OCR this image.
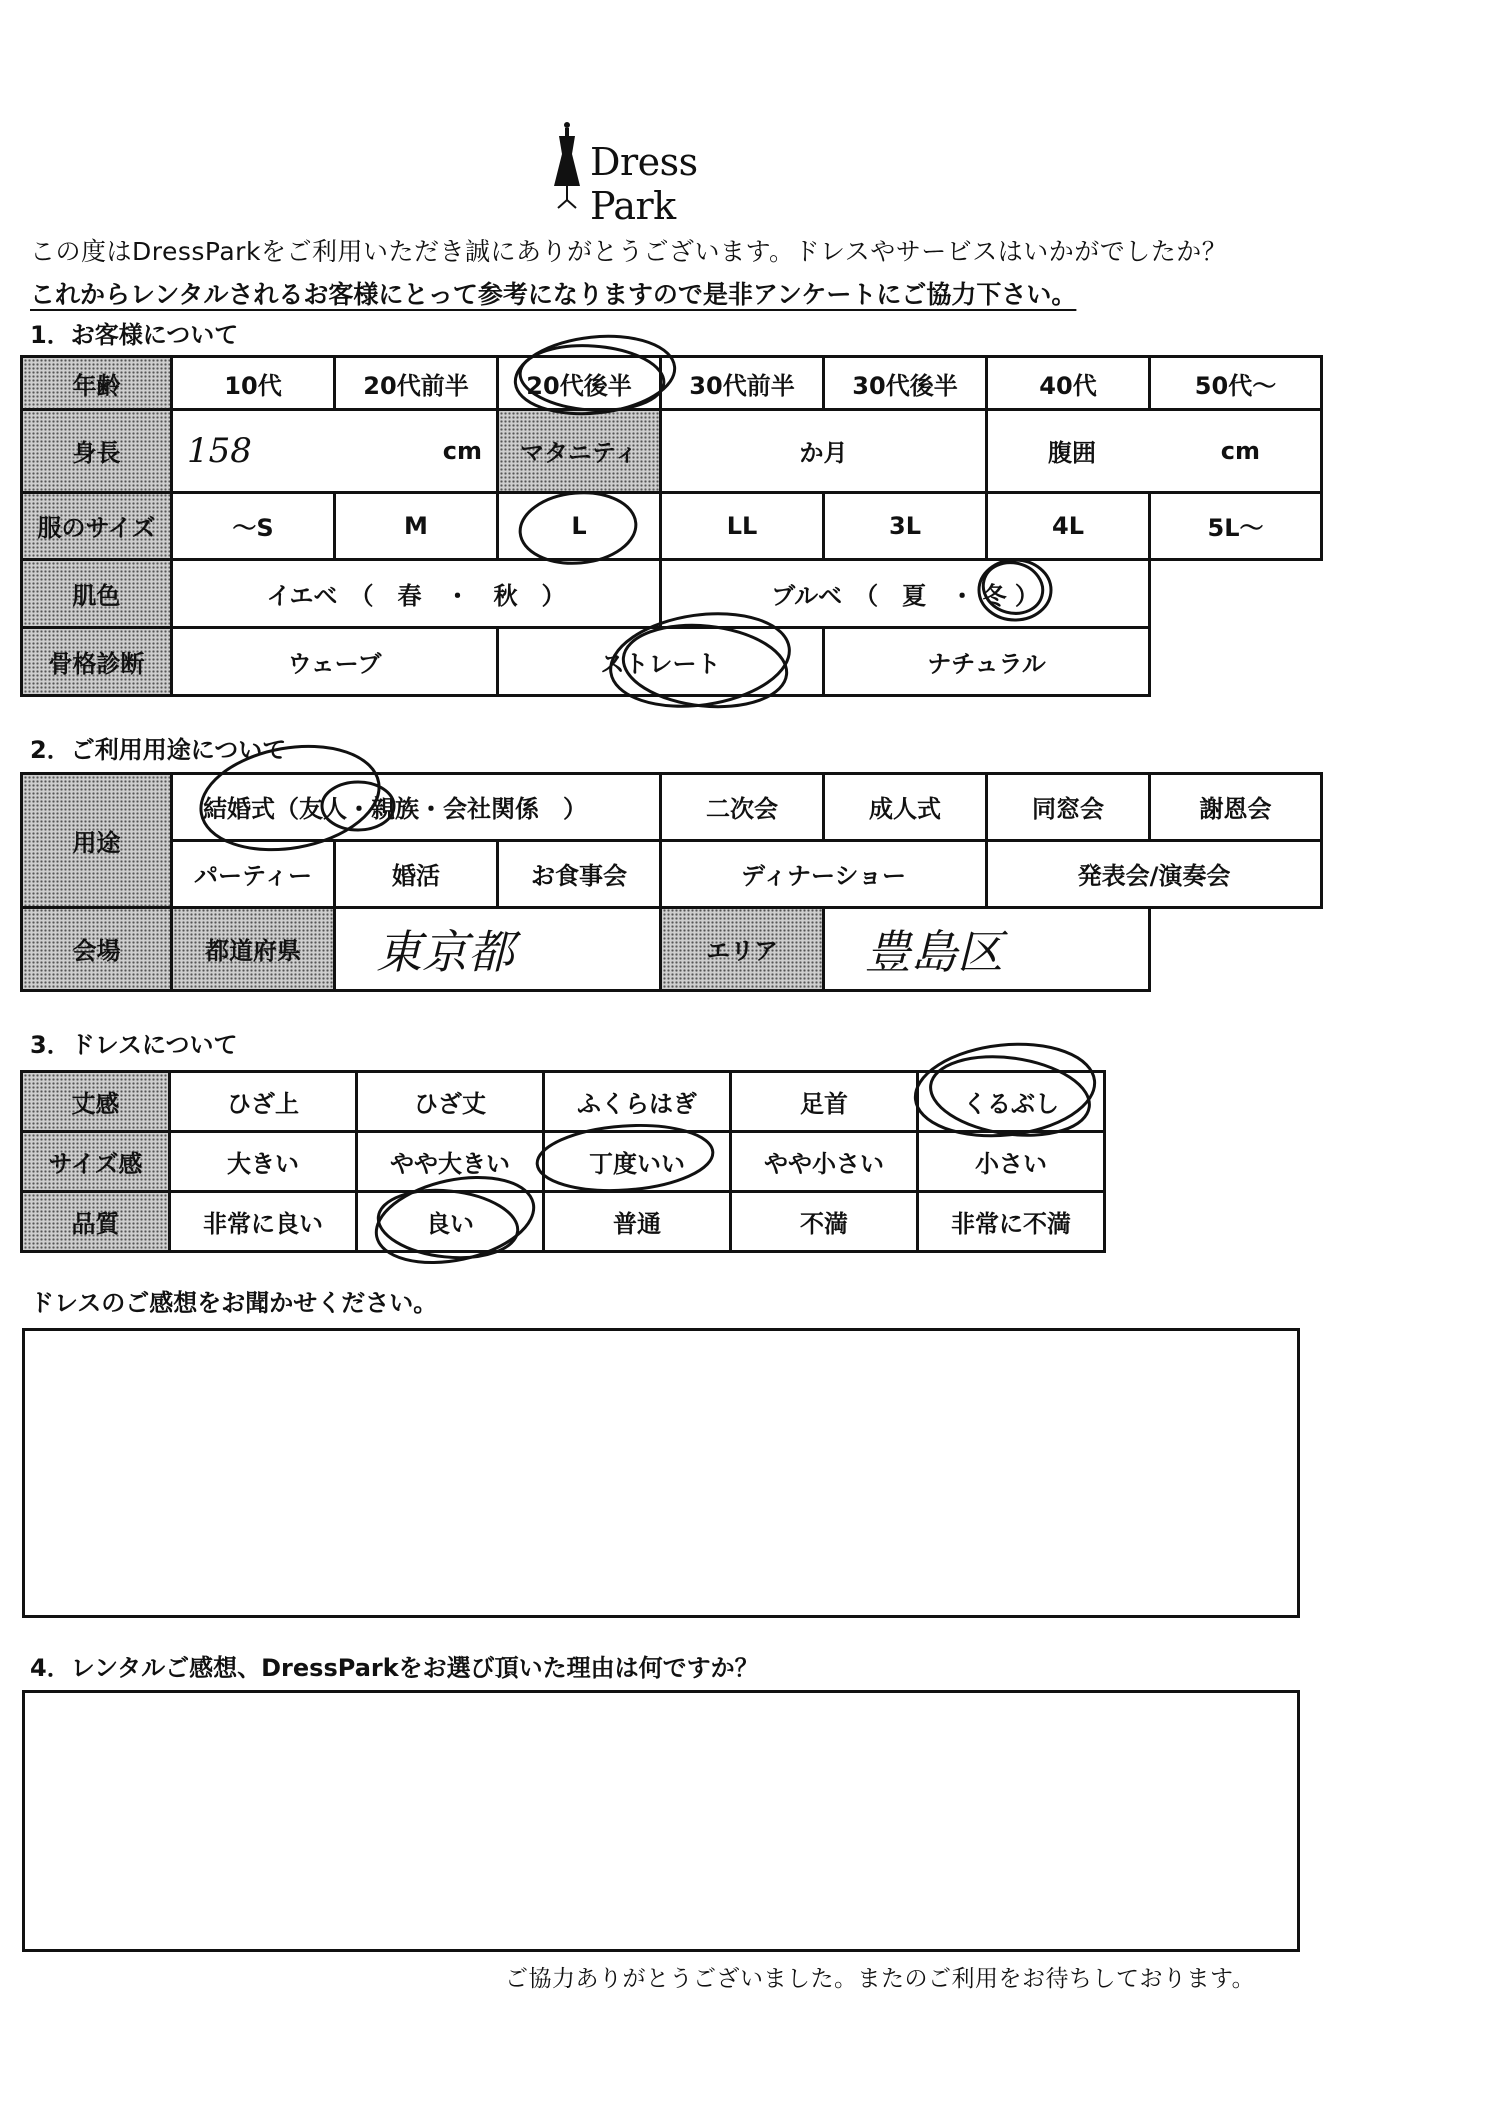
Dress Park
この度はDressParkをご利用いただき誠にありがとうございます。ドレスやサービスはいかがでしたか？
これからレンタルされるお客様にとって参考になりますので是非アンケートにご協力下さい。
1．お客様について
年齢	10代	20代前半	20代後半	30代前半	30代後半	40代	50代～
身長	158 cm		マタニティ	か月		腹囲 cm	

服のサイズ	～S	M	L	LL	3L	4L	5L～
肌色	イエベ　（　春　・　秋　）			ブルベ　（　夏　・ 冬 ）			
骨格診断	ウェーブ		ストレート		ナチュラル		
2．ご利用用途について
用途	結婚式（友人・親族・会社関係　）			二次会	成人式	同窓会	謝恩会
	パーティー	婚活	お食事会	ディナーショー		発表会/演奏会	
会場	都道府県	東京都		エリア	豊島区		
3．ドレスについて
丈感	ひざ上	ひざ丈	ふくらはぎ	足首	くるぶし
サイズ感	大きい	やや大きい	丁度いい	やや小さい	小さい
品質	非常に良い	良い	普通	不満	非常に不満
ドレスのご感想をお聞かせください。
4．レンタルご感想、DressParkをお選び頂いた理由は何ですか？
ご協力ありがとうございました。またのご利用をお待ちしております。
